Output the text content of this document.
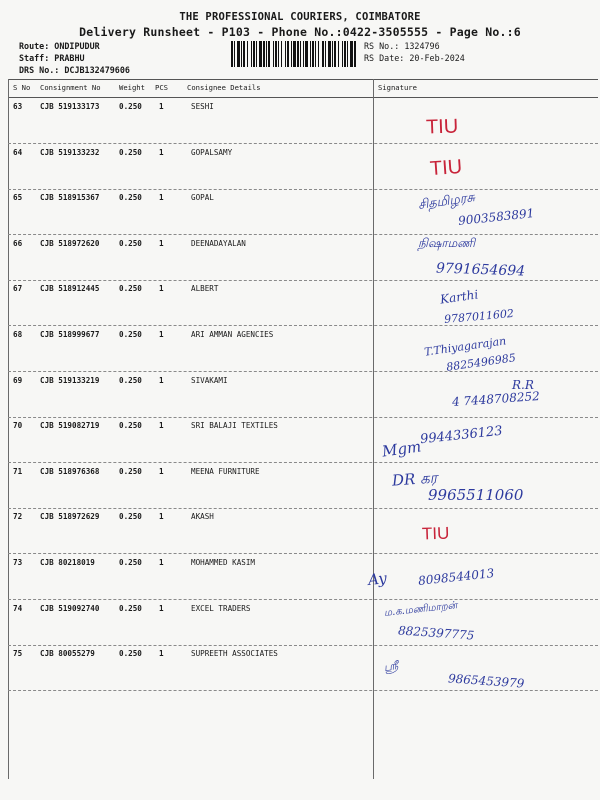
THE PROFESSIONAL COURIERS, COIMBATORE
Delivery Runsheet - P103 - Phone No.:0422-3505555 - Page No.:6
Route: ONDIPUDUR
Staff: PRABHU
DRS No.: DCJB132479606
RS No.: 1324796
RS Date: 20-Feb-2024
S No Consignment No	Weight PCS	Consignee Details	Signature
63 CJB 519133173	0.250 1	SESHI
TIU
64 CJB 519133232	0.250 1	GOPALSAMY
TIU
65 CJB 518915367	0.250 1	GOPAL	சிதமிழரசு
9003583891
66 CJB 518972620	0.250 1	DEENADAYALAN	நிஷாமணி
9791654694
67 CJB 518912445	0.250 1	ALBERT	Karthi
9787011602
68 CJB 518999677	0.250 1	ARI AMMAN AGENCIES	T.Thiyagarajan
8825496985
69 CJB 519133219	0.250 1	SIVAKAMI	R.R
4 7448708252
70 CJB 519082719	0.250 1	SRI BALAJI TEXTILES
Mgm
9944336123
71 CJB 518976368	0.250 1	MEENA FURNITURE	DR கர
9965511060
72 CJB 518972629	0.250 1	AKASH
TIU
73 CJB 80218019	0.250 1	MOHAMMED KASIM
Ay 8098544013
74 CJB 519092740	0.250 1	EXCEL TRADERS	ம.க.மணிமாறன்
8825397775
75 CJB 80055279	0.250 1	SUPREETH ASSOCIATES
ஸ்ரீ
9865453979
